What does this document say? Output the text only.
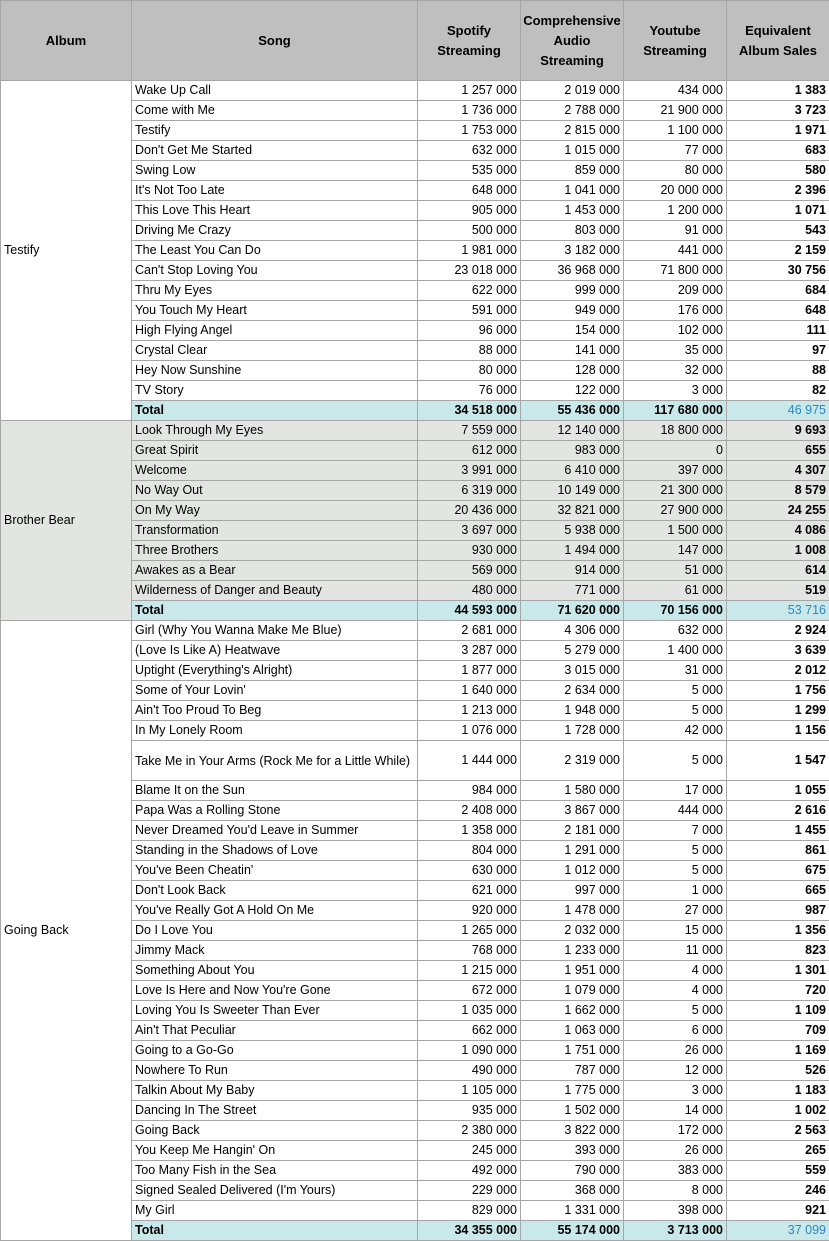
Album	Song	Spotify Streaming	Comprehensive Audio Streaming	Youtube Streaming	Equivalent Album Sales
Testify	Wake Up Call	1 257 000	2 019 000	434 000	1 383
	Come with Me	1 736 000	2 788 000	21 900 000	3 723
	Testify	1 753 000	2 815 000	1 100 000	1 971
	Don't Get Me Started	632 000	1 015 000	77 000	683
	Swing Low	535 000	859 000	80 000	580
	It's Not Too Late	648 000	1 041 000	20 000 000	2 396
	This Love This Heart	905 000	1 453 000	1 200 000	1 071
	Driving Me Crazy	500 000	803 000	91 000	543
	The Least You Can Do	1 981 000	3 182 000	441 000	2 159
	Can't Stop Loving You	23 018 000	36 968 000	71 800 000	30 756
	Thru My Eyes	622 000	999 000	209 000	684
	You Touch My Heart	591 000	949 000	176 000	648
	High Flying Angel	96 000	154 000	102 000	111
	Crystal Clear	88 000	141 000	35 000	97
	Hey Now Sunshine	80 000	128 000	32 000	88
	TV Story	76 000	122 000	3 000	82
	Total	34 518 000	55 436 000	117 680 000	46 975
Brother Bear	Look Through My Eyes	7 559 000	12 140 000	18 800 000	9 693
	Great Spirit	612 000	983 000	0	655
	Welcome	3 991 000	6 410 000	397 000	4 307
	No Way Out	6 319 000	10 149 000	21 300 000	8 579
	On My Way	20 436 000	32 821 000	27 900 000	24 255
	Transformation	3 697 000	5 938 000	1 500 000	4 086
	Three Brothers	930 000	1 494 000	147 000	1 008
	Awakes as a Bear	569 000	914 000	51 000	614
	Wilderness of Danger and Beauty	480 000	771 000	61 000	519
	Total	44 593 000	71 620 000	70 156 000	53 716
Going Back	Girl (Why You Wanna Make Me Blue)	2 681 000	4 306 000	632 000	2 924
	(Love Is Like A) Heatwave	3 287 000	5 279 000	1 400 000	3 639
	Uptight (Everything's Alright)	1 877 000	3 015 000	31 000	2 012
	Some of Your Lovin'	1 640 000	2 634 000	5 000	1 756
	Ain't Too Proud To Beg	1 213 000	1 948 000	5 000	1 299
	In My Lonely Room	1 076 000	1 728 000	42 000	1 156
	Take Me in Your Arms (Rock Me for a Little While)	1 444 000	2 319 000	5 000	1 547
	Blame It on the Sun	984 000	1 580 000	17 000	1 055
	Papa Was a Rolling Stone	2 408 000	3 867 000	444 000	2 616
	Never Dreamed You'd Leave in Summer	1 358 000	2 181 000	7 000	1 455
	Standing in the Shadows of Love	804 000	1 291 000	5 000	861
	You've Been Cheatin'	630 000	1 012 000	5 000	675
	Don't Look Back	621 000	997 000	1 000	665
	You've Really Got A Hold On Me	920 000	1 478 000	27 000	987
	Do I Love You	1 265 000	2 032 000	15 000	1 356
	Jimmy Mack	768 000	1 233 000	11 000	823
	Something About You	1 215 000	1 951 000	4 000	1 301
	Love Is Here and Now You're Gone	672 000	1 079 000	4 000	720
	Loving You Is Sweeter Than Ever	1 035 000	1 662 000	5 000	1 109
	Ain't That Peculiar	662 000	1 063 000	6 000	709
	Going to a Go-Go	1 090 000	1 751 000	26 000	1 169
	Nowhere To Run	490 000	787 000	12 000	526
	Talkin About My Baby	1 105 000	1 775 000	3 000	1 183
	Dancing In The Street	935 000	1 502 000	14 000	1 002
	Going Back	2 380 000	3 822 000	172 000	2 563
	You Keep Me Hangin' On	245 000	393 000	26 000	265
	Too Many Fish in the Sea	492 000	790 000	383 000	559
	Signed Sealed Delivered (I'm Yours)	229 000	368 000	8 000	246
	My Girl	829 000	1 331 000	398 000	921
	Total	34 355 000	55 174 000	3 713 000	37 099
